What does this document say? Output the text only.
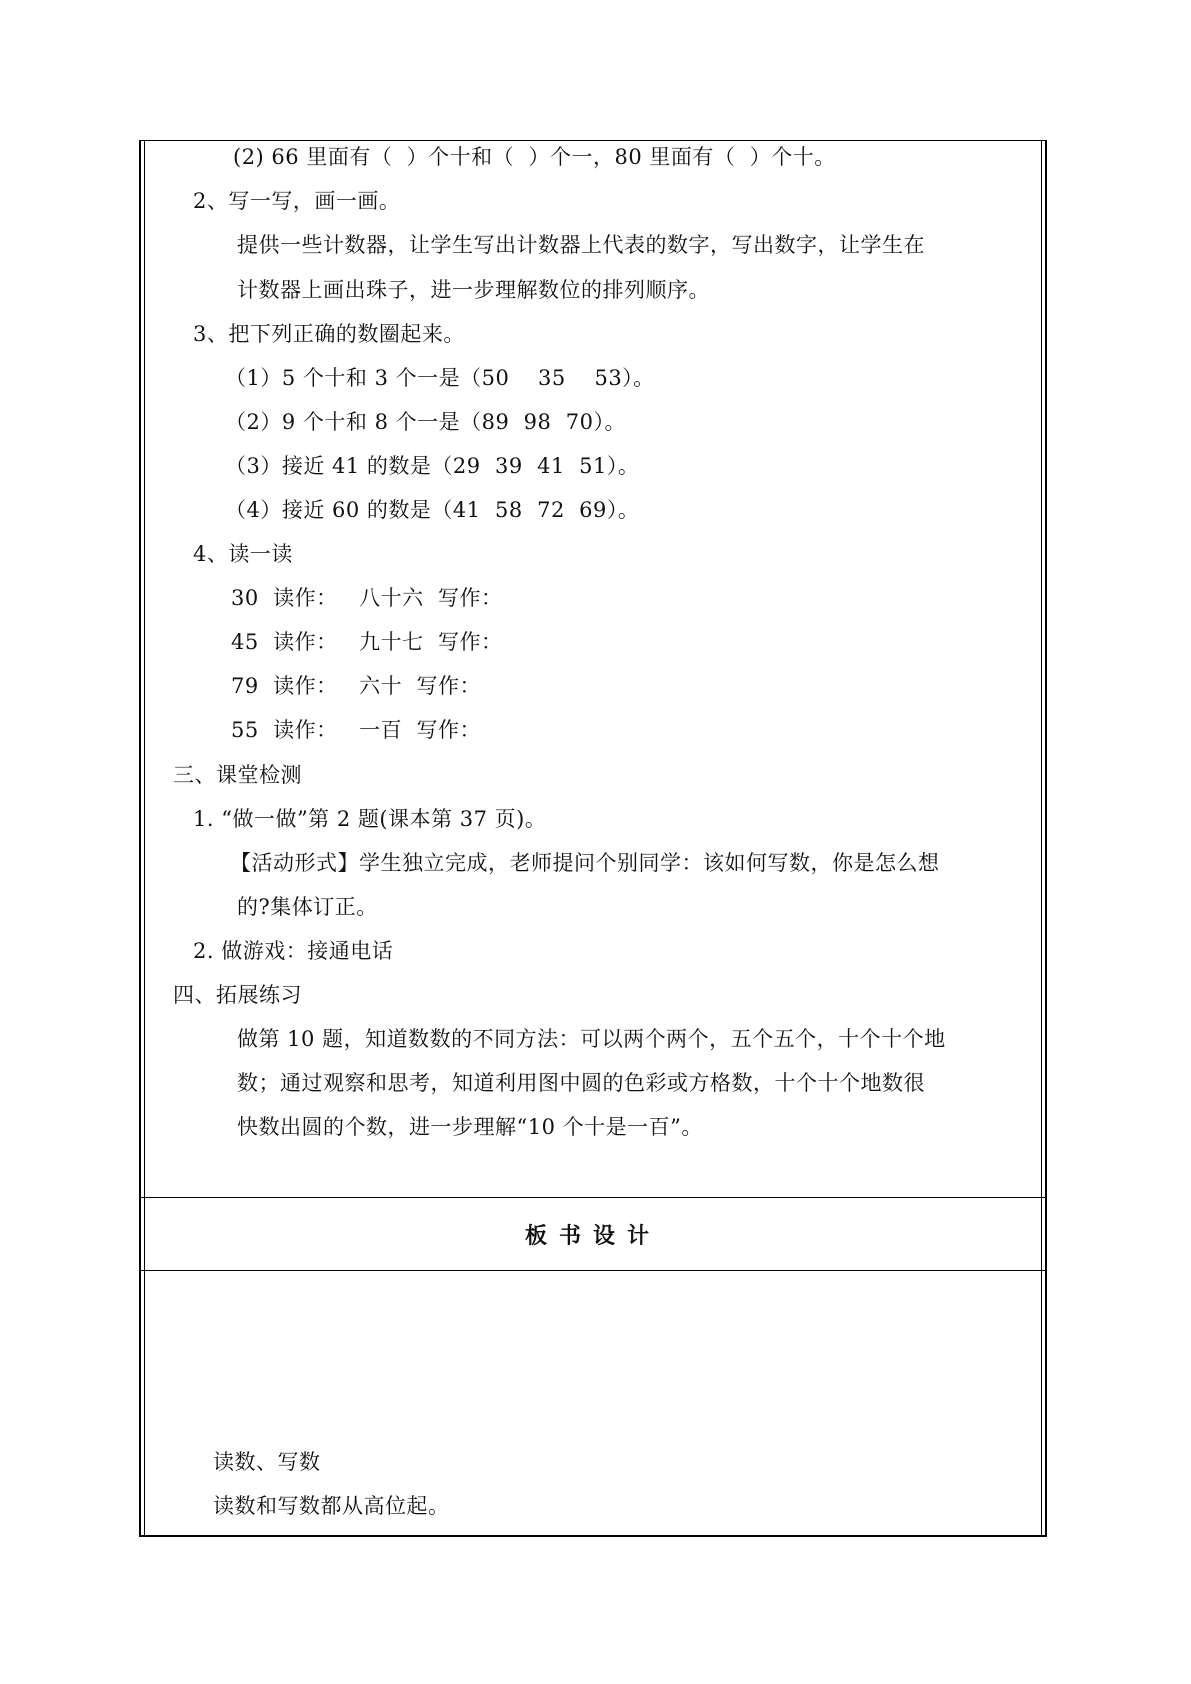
(2) 66 里面有（  ）个十和（  ）个一，80 里面有（  ）个十。
2、写一写，画一画。
提供一些计数器，让学生写出计数器上代表的数字，写出数字，让学生在
计数器上画出珠子，进一步理解数位的排列顺序。
3、把下列正确的数圈起来。
（1）5 个十和 3 个一是（50    35    53）。
（2）9 个十和 8 个一是（89  98  70）。
（3）接近 41 的数是（29  39  41  51）。
（4）接近 60 的数是（41  58  72  69）。
4、读一读
30  读作：   八十六  写作：
45  读作：   九十七  写作：
79  读作：   六十  写作：
55  读作：   一百  写作：
三、课堂检测
1. “做一做”第 2 题(课本第 37 页)。
【活动形式】学生独立完成，老师提问个别同学：该如何写数，你是怎么想
的?集体订正。
2. 做游戏：接通电话
四、拓展练习
做第 10 题，知道数数的不同方法：可以两个两个，五个五个，十个十个地
数；通过观察和思考，知道利用图中圆的色彩或方格数，十个十个地数很
快数出圆的个数，进一步理解“10 个十是一百”。
板书设计
读数、写数
读数和写数都从高位起。
